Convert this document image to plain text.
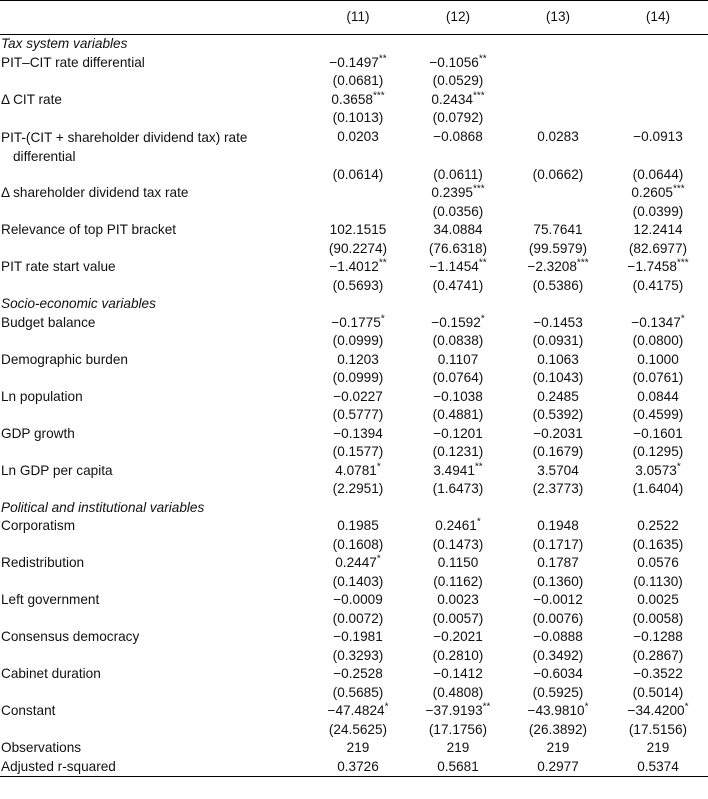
	(11)	(12)	(13)	(14)
Tax system variables				
PIT–CIT rate differential	−0.1497**	−0.1056**		
	(0.0681)	(0.0529)		
Δ CIT rate	0.3658***	0.2434***		
	(0.1013)	(0.0792)		
PIT-(CIT + shareholder dividend tax) rate
differential	0.0203	−0.0868	0.0283	−0.0913
	(0.0614)	(0.0611)	(0.0662)	(0.0644)
Δ shareholder dividend tax rate		0.2395***		0.2605***
		(0.0356)		(0.0399)
Relevance of top PIT bracket	102.1515	34.0884	75.7641	12.2414
	(90.2274)	(76.6318)	(99.5979)	(82.6977)
PIT rate start value	−1.4012**	−1.1454**	−2.3208***	−1.7458***
	(0.5693)	(0.4741)	(0.5386)	(0.4175)
Socio-economic variables				
Budget balance	−0.1775*	−0.1592*	−0.1453	−0.1347*
	(0.0999)	(0.0838)	(0.0931)	(0.0800)
Demographic burden	0.1203	0.1107	0.1063	0.1000
	(0.0999)	(0.0764)	(0.1043)	(0.0761)
Ln population	−0.0227	−0.1038	0.2485	0.0844
	(0.5777)	(0.4881)	(0.5392)	(0.4599)
GDP growth	−0.1394	−0.1201	−0.2031	−0.1601
	(0.1577)	(0.1231)	(0.1679)	(0.1295)
Ln GDP per capita	4.0781*	3.4941**	3.5704	3.0573*
	(2.2951)	(1.6473)	(2.3773)	(1.6404)
Political and institutional variables				
Corporatism	0.1985	0.2461*	0.1948	0.2522
	(0.1608)	(0.1473)	(0.1717)	(0.1635)
Redistribution	0.2447*	0.1150	0.1787	0.0576
	(0.1403)	(0.1162)	(0.1360)	(0.1130)
Left government	−0.0009	0.0023	−0.0012	0.0025
	(0.0072)	(0.0057)	(0.0076)	(0.0058)
Consensus democracy	−0.1981	−0.2021	−0.0888	−0.1288
	(0.3293)	(0.2810)	(0.3492)	(0.2867)
Cabinet duration	−0.2528	−0.1412	−0.6034	−0.3522
	(0.5685)	(0.4808)	(0.5925)	(0.5014)
Constant	−47.4824*	−37.9193**	−43.9810*	−34.4200*
	(24.5625)	(17.1756)	(26.3892)	(17.5156)
Observations	219	219	219	219
Adjusted r-squared	0.3726	0.5681	0.2977	0.5374
